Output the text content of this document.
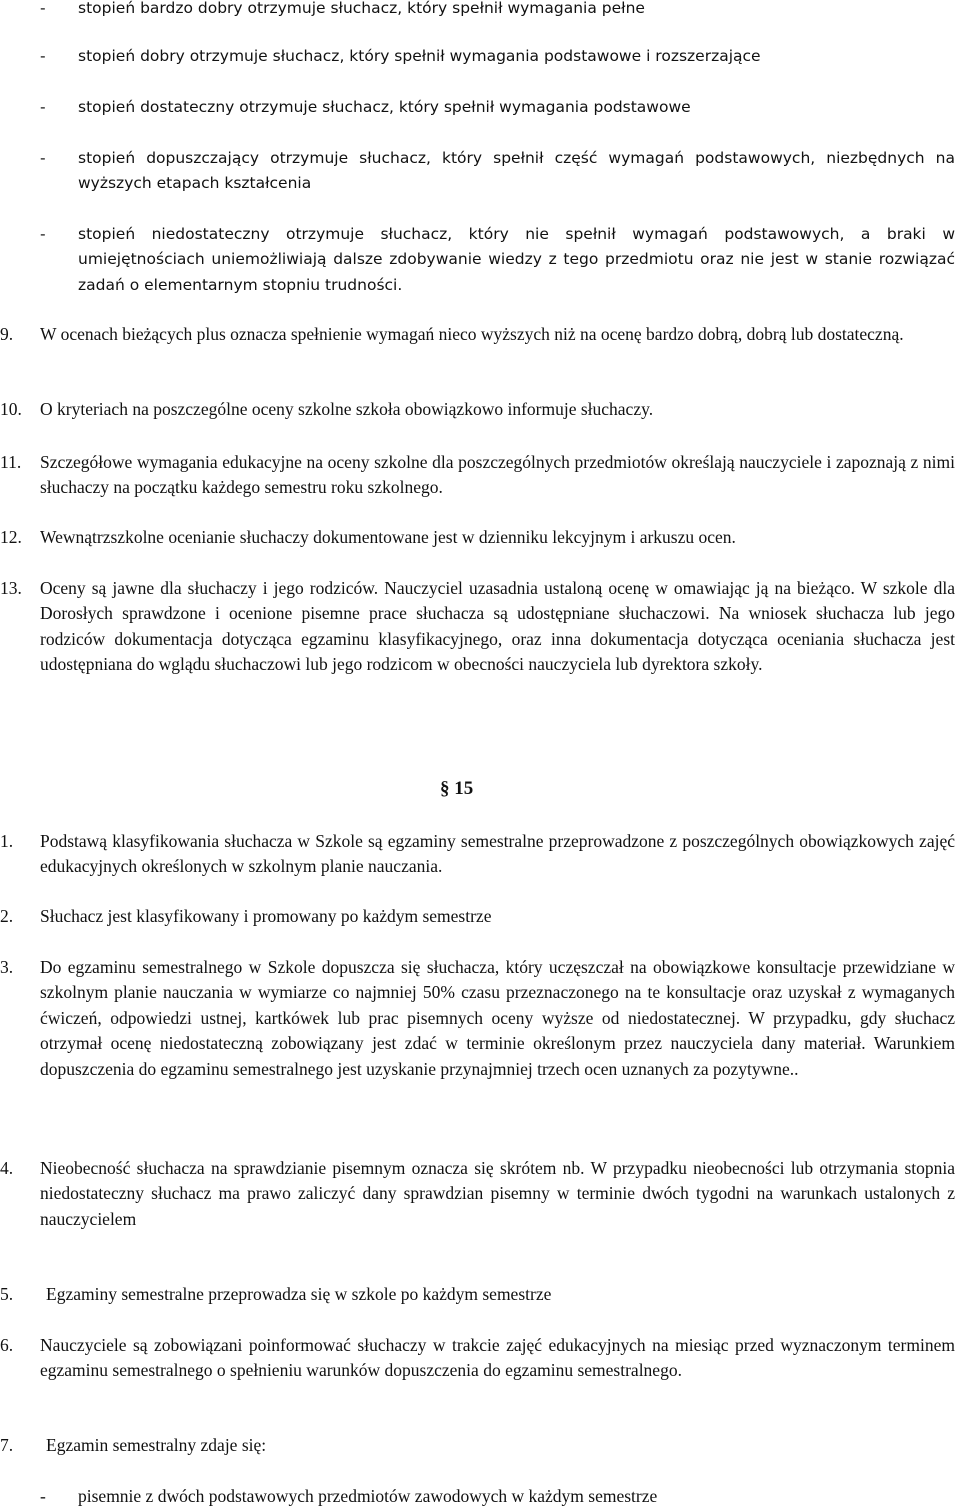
- stopień bardzo dobry otrzymuje słuchacz, który spełnił wymagania pełne
- stopień dobry otrzymuje słuchacz, który spełnił wymagania podstawowe i rozszerzające
- stopień dostateczny otrzymuje słuchacz, który spełnił wymagania podstawowe
- stopień dopuszczający otrzymuje słuchacz, który spełnił część wymagań podstawowych, niezbędnych na wyższych etapach kształcenia
- stopień niedostateczny otrzymuje słuchacz, który nie spełnił wymagań podstawowych, a braki w umiejętnościach uniemożliwiają dalsze zdobywanie wiedzy z tego przedmiotu oraz nie jest w stanie rozwiązać zadań o elementarnym stopniu trudności.
9. W ocenach bieżących plus oznacza spełnienie wymagań nieco wyższych niż na ocenę bardzo dobrą, dobrą lub dostateczną.
10. O kryteriach na poszczególne oceny szkolne szkoła obowiązkowo informuje słuchaczy.
11. Szczegółowe wymagania edukacyjne na oceny szkolne dla poszczególnych przedmiotów określają nauczyciele i zapoznają z nimi słuchaczy na początku każdego semestru roku szkolnego.
12. Wewnątrzszkolne ocenianie słuchaczy dokumentowane jest w dzienniku lekcyjnym i arkuszu ocen.
13. Oceny są jawne dla słuchaczy i jego rodziców. Nauczyciel uzasadnia ustaloną ocenę w omawiając ją na bieżąco. W szkole dla Dorosłych sprawdzone i ocenione pisemne prace słuchacza są udostępniane słuchaczowi. Na wniosek słuchacza lub jego rodziców dokumentacja dotycząca egzaminu klasyfikacyjnego, oraz inna dokumentacja dotycząca oceniania słuchacza jest udostępniana do wglądu słuchaczowi lub jego rodzicom w obecności nauczyciela lub dyrektora szkoły.
§ 15
1. Podstawą klasyfikowania słuchacza w Szkole są egzaminy semestralne przeprowadzone z poszczególnych obowiązkowych zajęć edukacyjnych określonych w szkolnym planie nauczania.
2. Słuchacz jest klasyfikowany i promowany po każdym semestrze
3. Do egzaminu semestralnego w Szkole dopuszcza się słuchacza, który uczęszczał na obowiązkowe konsultacje przewidziane w szkolnym planie nauczania w wymiarze co najmniej 50% czasu przeznaczonego na te konsultacje oraz uzyskał z wymaganych ćwiczeń, odpowiedzi ustnej, kartkówek lub prac pisemnych oceny wyższe od niedostatecznej. W przypadku, gdy słuchacz otrzymał ocenę niedostateczną zobowiązany jest zdać w terminie określonym przez nauczyciela dany materiał. Warunkiem dopuszczenia do egzaminu semestralnego jest uzyskanie przynajmniej trzech ocen uznanych za pozytywne..
4. Nieobecność słuchacza na sprawdzianie pisemnym oznacza się skrótem nb. W przypadku nieobecności lub otrzymania stopnia niedostateczny słuchacz ma prawo zaliczyć dany sprawdzian pisemny w terminie dwóch tygodni na warunkach ustalonych z nauczycielem
5. Egzaminy semestralne przeprowadza się w szkole po każdym semestrze
6. Nauczyciele są zobowiązani poinformować słuchaczy w trakcie zajęć edukacyjnych na miesiąc przed wyznaczonym terminem egzaminu semestralnego o spełnieniu warunków dopuszczenia do egzaminu semestralnego.
7. Egzamin semestralny zdaje się:
- pisemnie z dwóch podstawowych przedmiotów zawodowych w każdym semestrze
